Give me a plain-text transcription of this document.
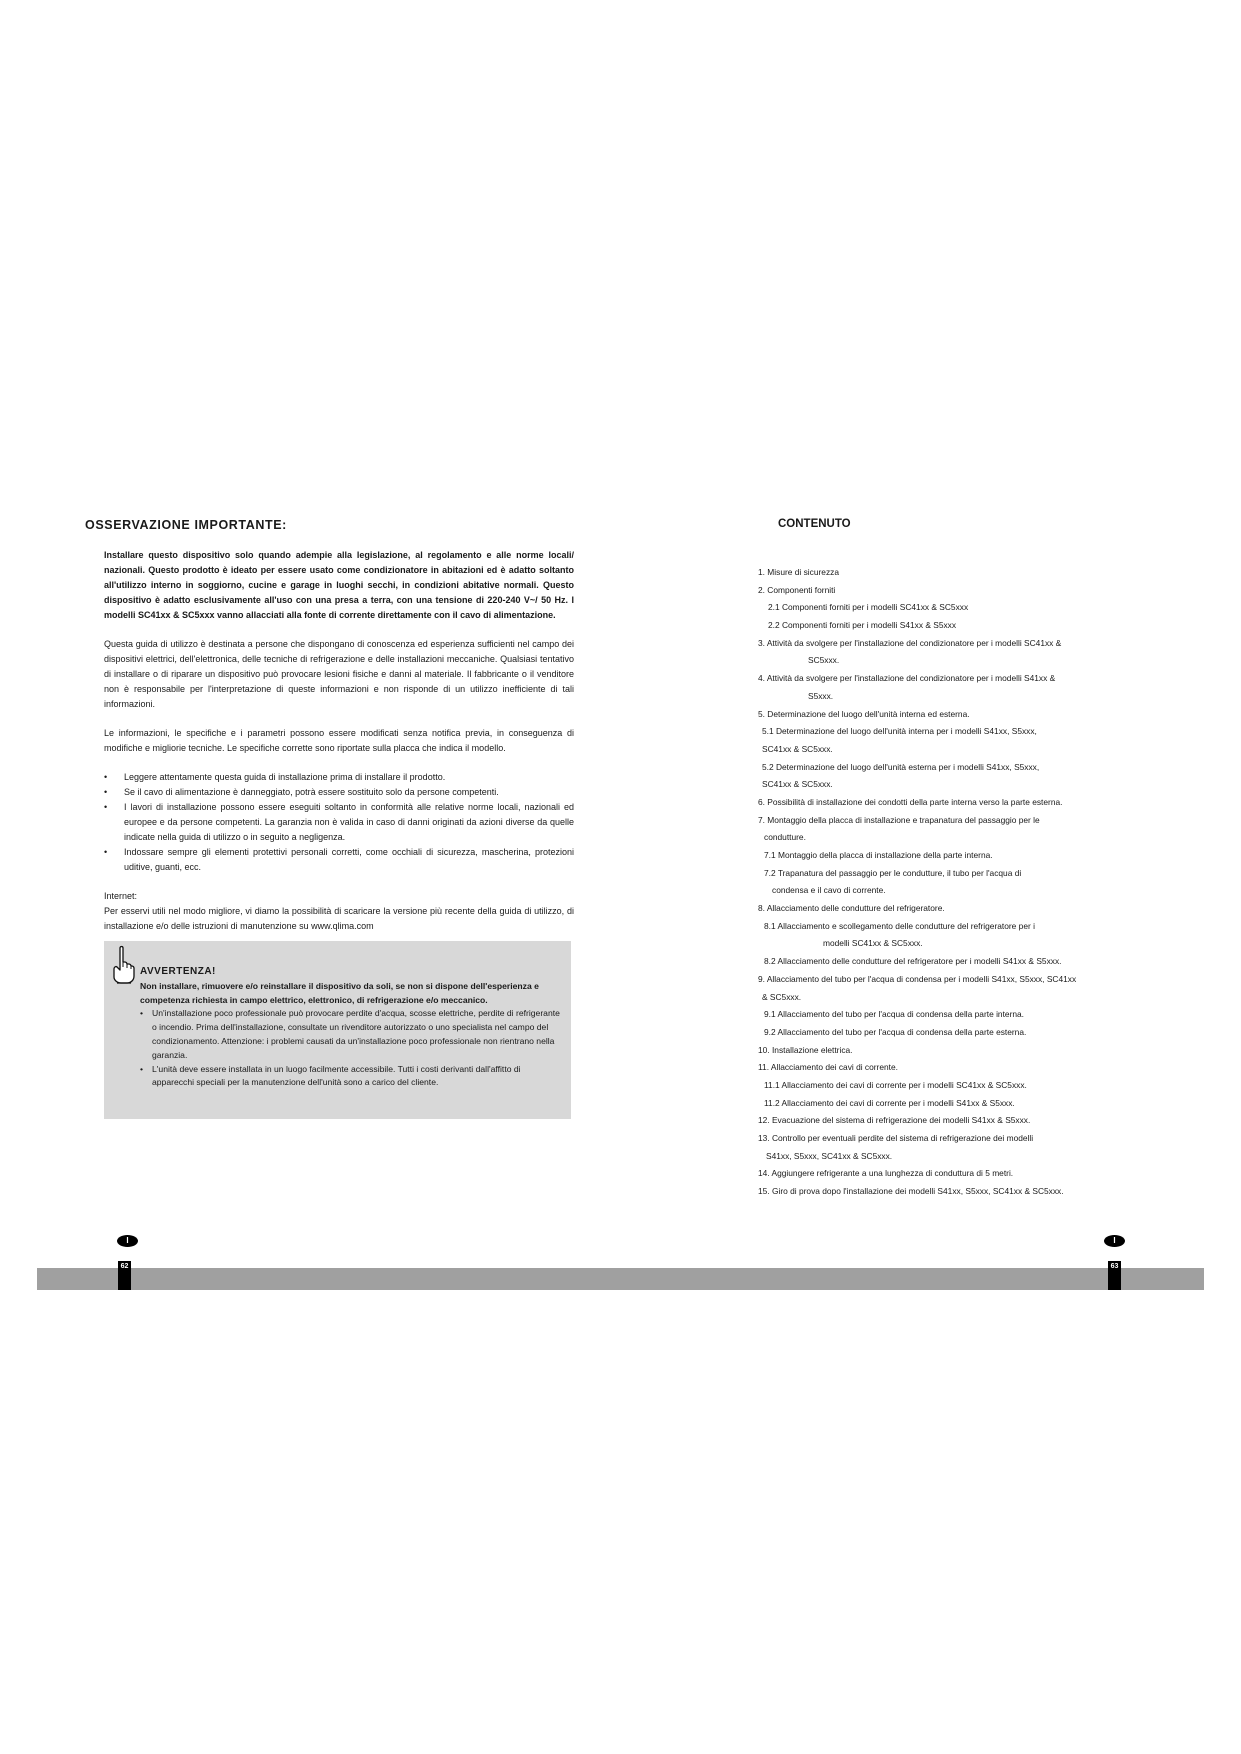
OSSERVAZIONE IMPORTANTE:

Installare questo dispositivo solo quando adempie alla legislazione, al regolamento e alle norme locali/ nazionali. Questo prodotto è ideato per essere usato come condizionatore in abitazioni ed è adatto soltanto all'utilizzo interno in soggiorno, cucine e garage in luoghi secchi, in condizioni abitative normali. Questo dispositivo è adatto esclusivamente all'uso con una presa a terra, con una tensione di 220-240 V~/ 50 Hz. I modelli SC41xx & SC5xxx vanno allacciati alla fonte di corrente direttamente con il cavo di alimentazione.

Questa guida di utilizzo è destinata a persone che dispongano di conoscenza ed esperienza sufficienti nel campo dei dispositivi elettrici, dell'elettronica, delle tecniche di refrigerazione e delle installazioni meccaniche. Qualsiasi tentativo di installare o di riparare un dispositivo può provocare lesioni fisiche e danni al materiale. Il fabbricante o il venditore non è responsabile per l'interpretazione di queste informazioni e non risponde di un utilizzo inefficiente di tali informazioni.

Le informazioni, le specifiche e i parametri possono essere modificati senza notifica previa, in conseguenza di modifiche e migliorie tecniche. Le specifiche corrette sono riportate sulla placca che indica il modello.

• Leggere attentamente questa guida di installazione prima di installare il prodotto.
• Se il cavo di alimentazione è danneggiato, potrà essere sostituito solo da persone competenti.
• I lavori di installazione possono essere eseguiti soltanto in conformità alle relative norme locali, nazionali ed europee e da persone competenti. La garanzia non è valida in caso di danni originati da azioni diverse da quelle indicate nella guida di utilizzo o in seguito a negligenza.
• Indossare sempre gli elementi protettivi personali corretti, come occhiali di sicurezza, mascherina, protezioni uditive, guanti, ecc.

Internet:

Per esservi utili nel modo migliore, vi diamo la possibilità di scaricare la versione più recente della guida di utilizzo, di installazione e/o delle istruzioni di manutenzione su www.qlima.com

AVVERTENZA!

Non installare, rimuovere e/o reinstallare il dispositivo da soli, se non si dispone dell'esperienza e competenza richiesta in campo elettrico, elettronico, di refrigerazione e/o meccanico.

• Un'installazione poco professionale può provocare perdite d'acqua, scosse elettriche, perdite di refrigerante o incendio. Prima dell'installazione, consultate un rivenditore autorizzato o uno specialista nel campo del condizionamento. Attenzione: i problemi causati da un'installazione poco professionale non rientrano nella garanzia.
• L'unità deve essere installata in un luogo facilmente accessibile. Tutti i costi derivanti dall'affitto di apparecchi speciali per la manutenzione dell'unità sono a carico del cliente.
CONTENUTO
1. Misure di sicurezza
2. Componenti forniti
2.1 Componenti forniti per i modelli SC41xx & SC5xxx
2.2 Componenti forniti per i modelli S41xx & S5xxx
3. Attività da svolgere per l'installazione del condizionatore per i modelli SC41xx &
SC5xxx.
4. Attività da svolgere per l'installazione del condizionatore per i modelli S41xx &
S5xxx.
5. Determinazione del luogo dell'unità interna ed esterna.
5.1 Determinazione del luogo dell'unità interna per i modelli S41xx, S5xxx,
SC41xx & SC5xxx.
5.2 Determinazione del luogo dell'unità esterna per i modelli S41xx, S5xxx,
SC41xx & SC5xxx.
6. Possibilità di installazione dei condotti della parte interna verso la parte esterna.
7. Montaggio della placca di installazione e trapanatura del passaggio per le
condutture.
7.1 Montaggio della placca di installazione della parte interna.
7.2 Trapanatura del passaggio per le condutture, il tubo per l'acqua di
condensa e il cavo di corrente.
8. Allacciamento delle condutture del refrigeratore.
8.1 Allacciamento e scollegamento delle condutture del refrigeratore per i
modelli SC41xx & SC5xxx.
8.2 Allacciamento delle condutture del refrigeratore per i modelli S41xx & S5xxx.
9. Allacciamento del tubo per l'acqua di condensa per i modelli S41xx, S5xxx, SC41xx
& SC5xxx.
9.1 Allacciamento del tubo per l'acqua di condensa della parte interna.
9.2 Allacciamento del tubo per l'acqua di condensa della parte esterna.
10. Installazione elettrica.
11. Allacciamento dei cavi di corrente.
11.1 Allacciamento dei cavi di corrente per i modelli SC41xx & SC5xxx.
11.2 Allacciamento dei cavi di corrente per i modelli S41xx & S5xxx.
12. Evacuazione del sistema di refrigerazione dei modelli S41xx & S5xxx.
13. Controllo per eventuali perdite del sistema di refrigerazione dei modelli
S41xx, S5xxx, SC41xx & SC5xxx.
14. Aggiungere refrigerante a una lunghezza di conduttura di 5 metri.
15. Giro di prova dopo l'installazione dei modelli S41xx, S5xxx, SC41xx & SC5xxx.
I	I
62	63
